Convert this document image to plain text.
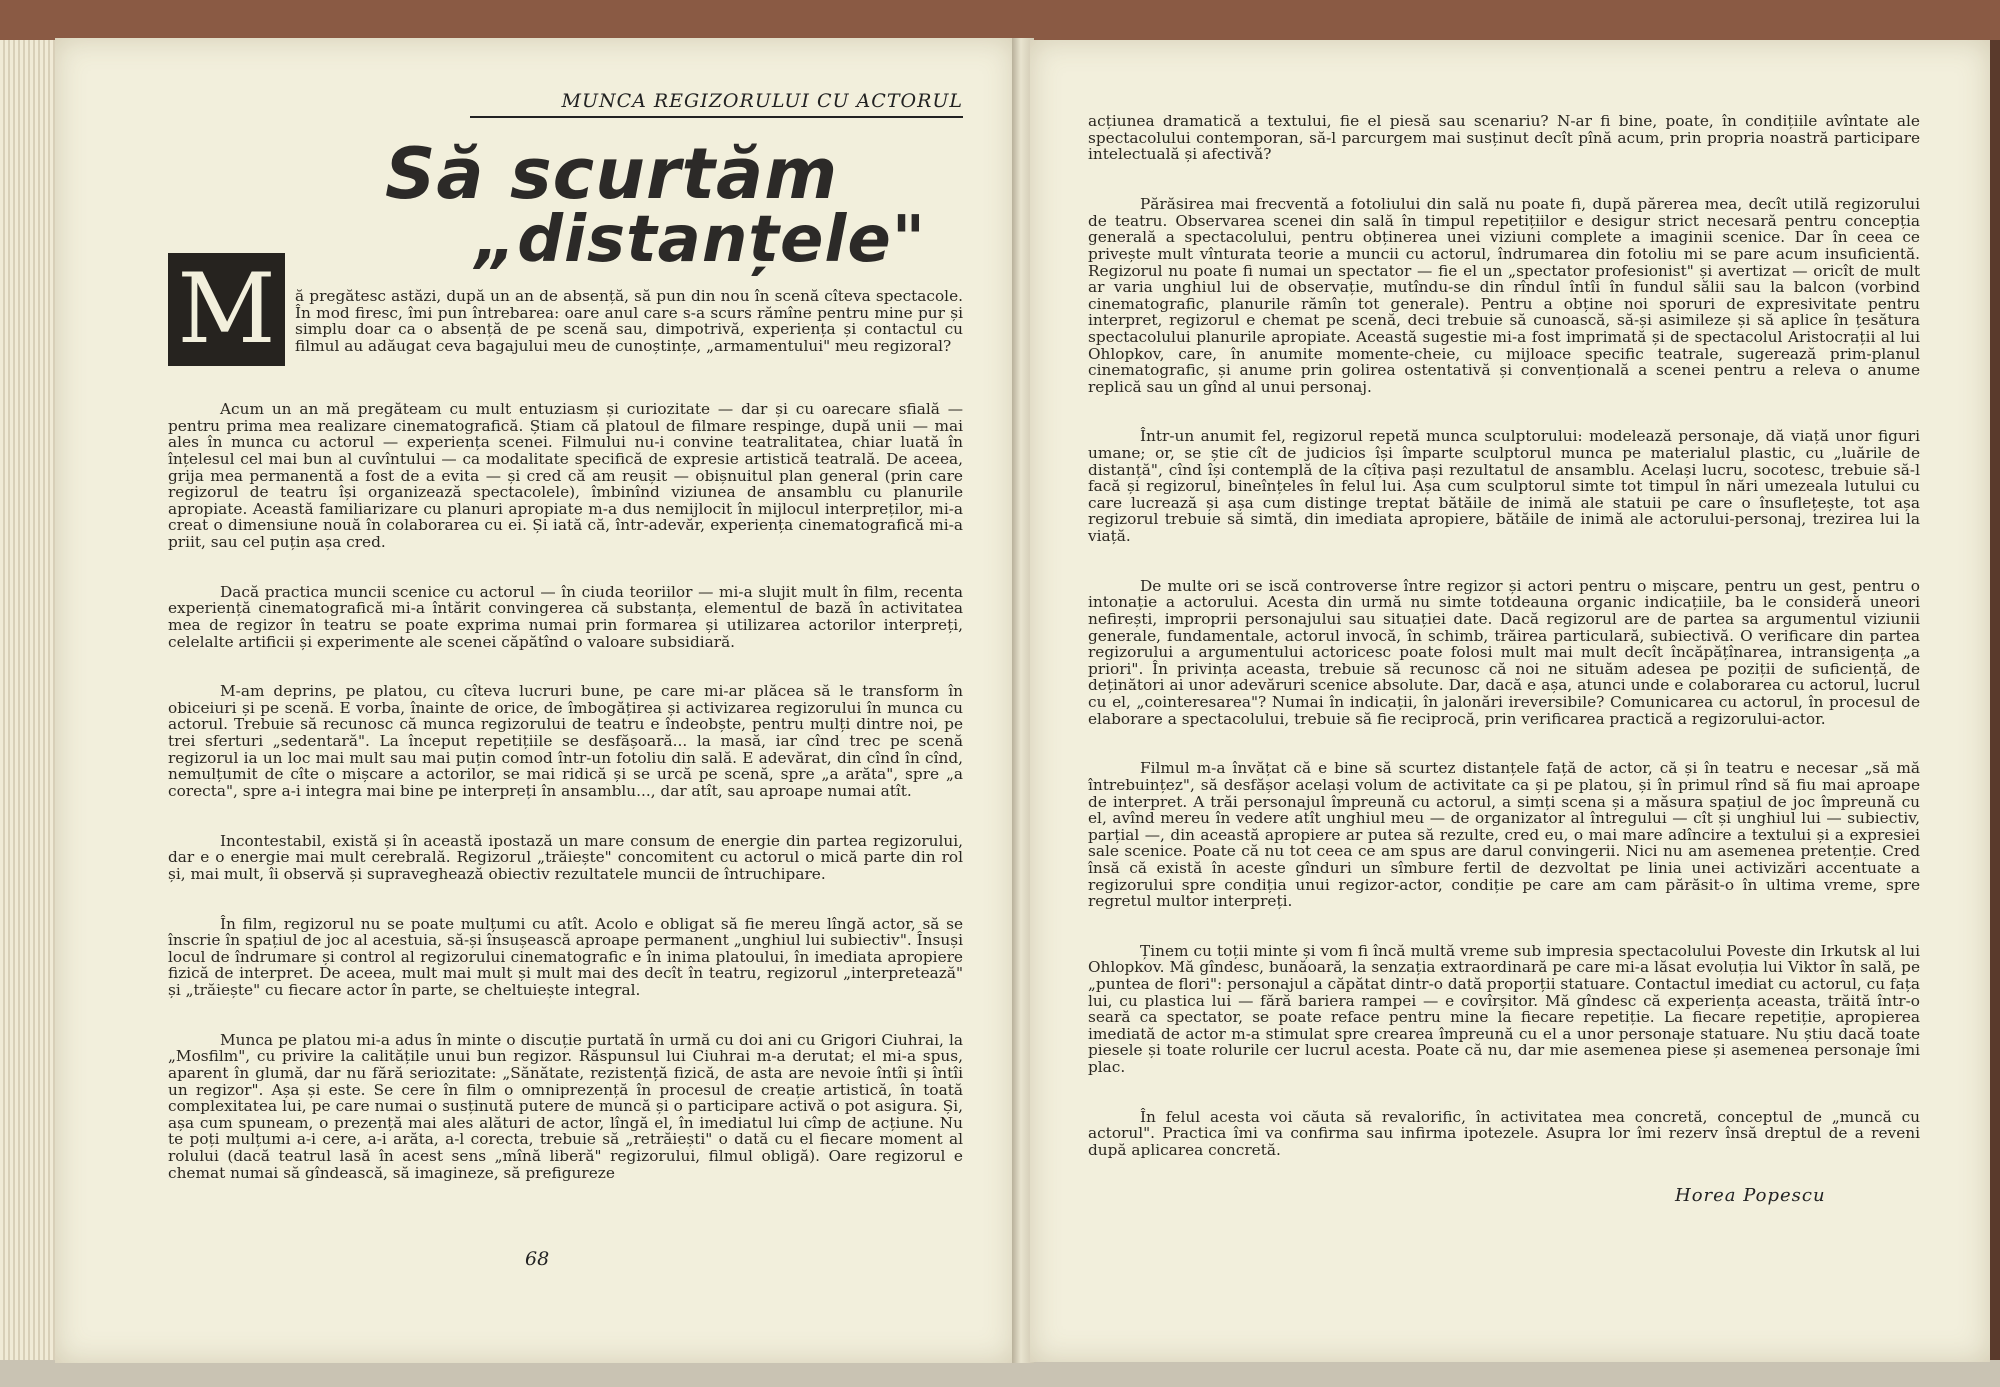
MUNCA REGIZORULUI CU ACTORUL
Să scurtăm
„distanțele"
M	ă pregătesc astăzi, după un an de absență, să pun din nou în scenă cîteva spectacole. În mod firesc, îmi pun întrebarea: oare anul care s-a scurs rămîne pentru mine pur și simplu doar ca o absență de pe scenă sau, dimpotrivă, experiența și contactul cu filmul au adăugat ceva bagajului meu de cunoștințe, „armamentului" meu regizoral?

Acum un an mă pregăteam cu mult entuziasm și curiozitate — dar și cu oarecare sfială — pentru prima mea realizare cinematografică. Știam că platoul de filmare respinge, după unii — mai ales în munca cu actorul — experiența scenei. Filmului nu-i convine teatralitatea, chiar luată în înțelesul cel mai bun al cuvîntului — ca modalitate specifică de expresie artistică teatrală. De aceea, grija mea permanentă a fost de a evita — și cred că am reușit — obișnuitul plan general (prin care regizorul de teatru își organizează spectacolele), îmbinînd viziunea de ansamblu cu planurile apropiate. Această familiarizare cu planuri apropiate m-a dus nemijlocit în mijlocul interpreților, mi-a creat o dimensiune nouă în colaborarea cu ei. Și iată că, într-adevăr, experiența cinematografică mi-a priit, sau cel puțin așa cred.

Dacă practica muncii scenice cu actorul — în ciuda teoriilor — mi-a slujit mult în film, recenta experiență cinematografică mi-a întărit convingerea că substanța, elementul de bază în activitatea mea de regizor în teatru se poate exprima numai prin formarea și utilizarea actorilor interpreți, celelalte artificii și experimente ale scenei căpătînd o valoare subsidiară.

M-am deprins, pe platou, cu cîteva lucruri bune, pe care mi-ar plăcea să le transform în obiceiuri și pe scenă. E vorba, înainte de orice, de îmbogățirea și activizarea regizorului în munca cu actorul. Trebuie să recunosc că munca regizorului de teatru e îndeobște, pentru mulți dintre noi, pe trei sferturi „sedentară". La început repetițiile se desfășoară... la masă, iar cînd trec pe scenă regizorul ia un loc mai mult sau mai puțin comod într-un fotoliu din sală. E adevărat, din cînd în cînd, nemulțumit de cîte o mișcare a actorilor, se mai ridică și se urcă pe scenă, spre „a arăta", spre „a corecta", spre a-i integra mai bine pe interpreți în ansamblu..., dar atît, sau aproape numai atît.

Incontestabil, există și în această ipostază un mare consum de energie din partea regizorului, dar e o energie mai mult cerebrală. Regizorul „trăiește" concomitent cu actorul o mică parte din rol și, mai mult, îi observă și supraveghează obiectiv rezultatele muncii de întruchipare.

În film, regizorul nu se poate mulțumi cu atît. Acolo e obligat să fie mereu lîngă actor, să se înscrie în spațiul de joc al acestuia, să-și însușească aproape permanent „unghiul lui subiectiv". Însuși locul de îndrumare și control al regizorului cinematografic e în inima platoului, în imediata apropiere fizică de interpret. De aceea, mult mai mult și mult mai des decît în teatru, regizorul „interpretează" și „trăiește" cu fiecare actor în parte, se cheltuiește integral.

Munca pe platou mi-a adus în minte o discuție purtată în urmă cu doi ani cu Grigori Ciuhrai, la „Mosfilm", cu privire la calitățile unui bun regizor. Răspunsul lui Ciuhrai m-a derutat; el mi-a spus, aparent în glumă, dar nu fără seriozitate: „Sănătate, rezistență fizică, de asta are nevoie întîi și întîi un regizor". Așa și este. Se cere în film o omniprezență în procesul de creație artistică, în toată complexitatea lui, pe care numai o susținută putere de muncă și o participare activă o pot asigura. Și, așa cum spuneam, o prezență mai ales alături de actor, lîngă el, în imediatul lui cîmp de acțiune. Nu te poți mulțumi a-i cere, a-i arăta, a-l corecta, trebuie să „retrăiești" o dată cu el fiecare moment al rolului (dacă teatrul lasă în acest sens „mînă liberă" regizorului, filmul obligă). Oare regizorul e chemat numai să gîndească, să imagineze, să prefigureze

68

acțiunea dramatică a textului, fie el piesă sau scenariu? N-ar fi bine, poate, în condițiile avîntate ale spectacolului contemporan, să-l parcurgem mai susținut decît pînă acum, prin propria noastră participare intelectuală și afectivă?

Părăsirea mai frecventă a fotoliului din sală nu poate fi, după părerea mea, decît utilă regizorului de teatru. Observarea scenei din sală în timpul repetițiilor e desigur strict necesară pentru concepția generală a spectacolului, pentru obținerea unei viziuni complete a imaginii scenice. Dar în ceea ce privește mult vînturata teorie a muncii cu actorul, îndrumarea din fotoliu mi se pare acum insuficientă. Regizorul nu poate fi numai un spectator — fie el un „spectator profesionist" și avertizat — oricît de mult ar varia unghiul lui de observație, mutîndu-se din rîndul întîi în fundul sălii sau la balcon (vorbind cinematografic, planurile rămîn tot generale). Pentru a obține noi sporuri de expresivitate pentru interpret, regizorul e chemat pe scenă, deci trebuie să cunoască, să-și asimileze și să aplice în țesătura spectacolului planurile apropiate. Această sugestie mi-a fost imprimată și de spectacolul Aristocrații al lui Ohlopkov, care, în anumite momente-cheie, cu mijloace specific teatrale, sugerează prim-planul cinematografic, și anume prin golirea ostentativă și convențională a scenei pentru a releva o anume replică sau un gînd al unui personaj.

Într-un anumit fel, regizorul repetă munca sculptorului: modelează personaje, dă viață unor figuri umane; or, se știe cît de judicios își împarte sculptorul munca pe materialul plastic, cu „luările de distanță", cînd își contemplă de la cîțiva pași rezultatul de ansamblu. Același lucru, socotesc, trebuie să-l facă și regizorul, bineînțeles în felul lui. Așa cum sculptorul simte tot timpul în nări umezeala lutului cu care lucrează și așa cum distinge treptat bătăile de inimă ale statuii pe care o însuflețește, tot așa regizorul trebuie să simtă, din imediata apropiere, bătăile de inimă ale actorului-personaj, trezirea lui la viață.

De multe ori se iscă controverse între regizor și actori pentru o mișcare, pentru un gest, pentru o intonație a actorului. Acesta din urmă nu simte totdeauna organic indicațiile, ba le consideră uneori nefirești, improprii personajului sau situației date. Dacă regizorul are de partea sa argumentul viziunii generale, fundamentale, actorul invocă, în schimb, trăirea particulară, subiectivă. O verificare din partea regizorului a argumentului actoricesc poate folosi mult mai mult decît încăpățînarea, intransigența „a priori". În privința aceasta, trebuie să recunosc că noi ne situăm adesea pe poziții de suficiență, de deținători ai unor adevăruri scenice absolute. Dar, dacă e așa, atunci unde e colaborarea cu actorul, lucrul cu el, „cointeresarea"? Numai în indicații, în jalonări ireversibile? Comunicarea cu actorul, în procesul de elaborare a spectacolului, trebuie să fie reciprocă, prin verificarea practică a regizorului-actor.

Filmul m-a învățat că e bine să scurtez distanțele față de actor, că și în teatru e necesar „să mă întrebuințez", să desfășor același volum de activitate ca și pe platou, și în primul rînd să fiu mai aproape de interpret. A trăi personajul împreună cu actorul, a simți scena și a măsura spațiul de joc împreună cu el, avînd mereu în vedere atît unghiul meu — de organizator al întregului — cît și unghiul lui — subiectiv, parțial —, din această apropiere ar putea să rezulte, cred eu, o mai mare adîncire a textului și a expresiei sale scenice. Poate că nu tot ceea ce am spus are darul convingerii. Nici nu am asemenea pretenție. Cred însă că există în aceste gînduri un sîmbure fertil de dezvoltat pe linia unei activizări accentuate a regizorului spre condiția unui regizor-actor, condiție pe care am cam părăsit-o în ultima vreme, spre regretul multor interpreți.

Ținem cu toții minte și vom fi încă multă vreme sub impresia spectacolului Poveste din Irkutsk al lui Ohlopkov. Mă gîndesc, bunăoară, la senzația extraordinară pe care mi-a lăsat evoluția lui Viktor în sală, pe „puntea de flori": personajul a căpătat dintr-o dată proporții statuare. Contactul imediat cu actorul, cu fața lui, cu plastica lui — fără bariera rampei — e covîrșitor. Mă gîndesc că experiența aceasta, trăită într-o seară ca spectator, se poate reface pentru mine la fiecare repetiție. La fiecare repetiție, apropierea imediată de actor m-a stimulat spre crearea împreună cu el a unor personaje statuare. Nu știu dacă toate piesele și toate rolurile cer lucrul acesta. Poate că nu, dar mie asemenea piese și asemenea personaje îmi plac.

În felul acesta voi căuta să revalorific, în activitatea mea concretă, conceptul de „muncă cu actorul". Practica îmi va confirma sau infirma ipotezele. Asupra lor îmi rezerv însă dreptul de a reveni după aplicarea concretă.

Horea Popescu
